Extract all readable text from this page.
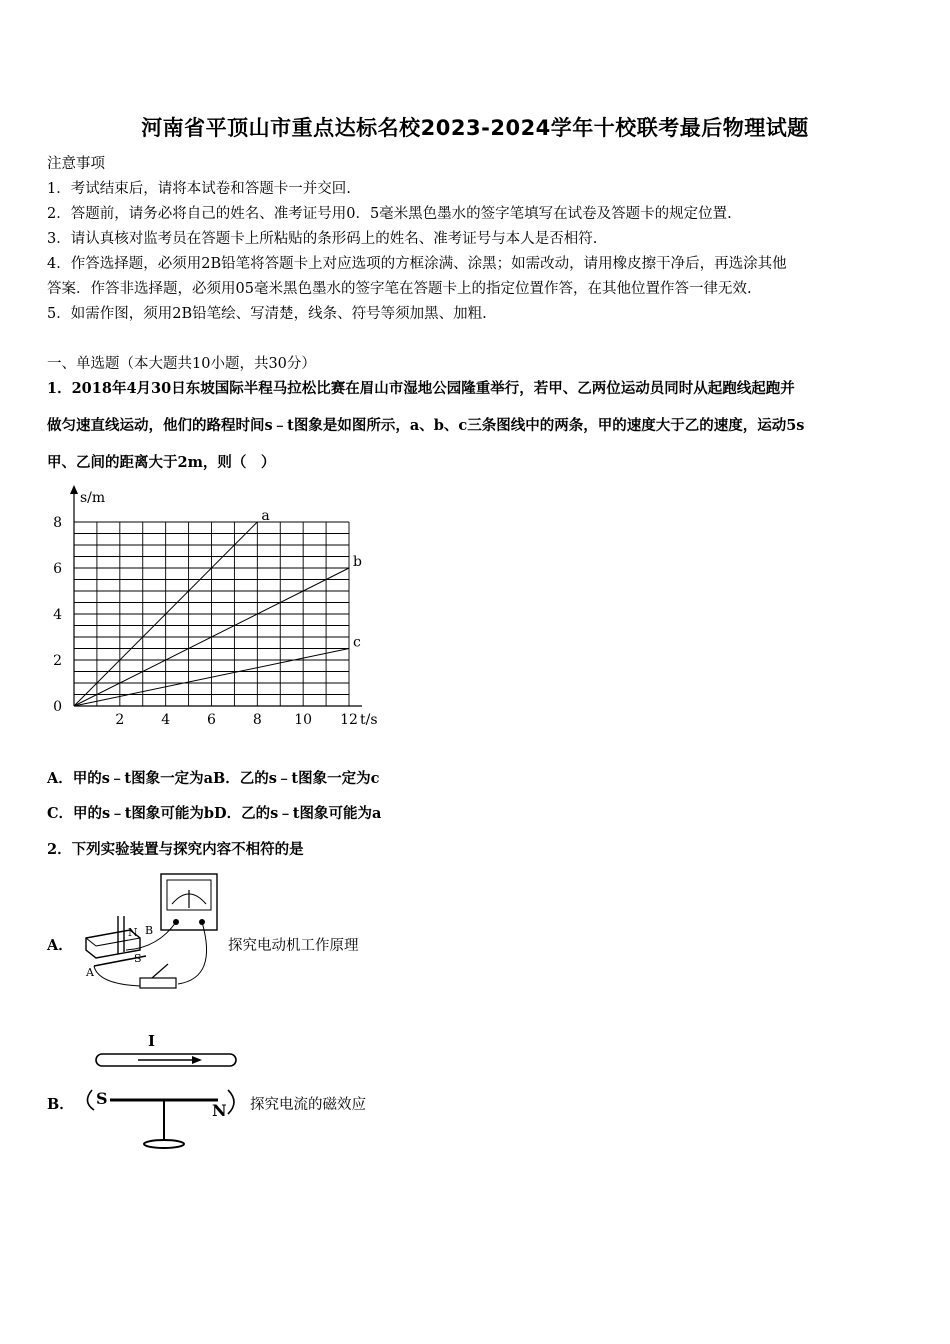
河南省平顶山市重点达标名校2023-2024学年十校联考最后物理试题
注意事项
1．考试结束后，请将本试卷和答题卡一并交回.
2．答题前，请务必将自己的姓名、准考证号用0．5毫米黑色墨水的签字笔填写在试卷及答题卡的规定位置.
3．请认真核对监考员在答题卡上所粘贴的条形码上的姓名、准考证号与本人是否相符.
4．作答选择题，必须用2B铅笔将答题卡上对应选项的方框涂满、涂黑；如需改动，请用橡皮擦干净后，再选涂其他
答案．作答非选择题，必须用05毫米黑色墨水的签字笔在答题卡上的指定位置作答，在其他位置作答一律无效.
5．如需作图，须用2B铅笔绘、写清楚，线条、符号等须加黑、加粗.
一、单选题（本大题共10小题，共30分）
1．2018年4月30日东坡国际半程马拉松比赛在眉山市湿地公园隆重举行，若甲、乙两位运动员同时从起跑线起跑并
做匀速直线运动，他们的路程时间s﹣t图象是如图所示，a、b、c三条图线中的两条，甲的速度大于乙的速度，运动5s
甲、乙间的距离大于2m，则（　）
s/m
t/s
2	4	6	8 10 12
0
2
4
6
8	a
b
c
A．甲的s﹣t图象一定为aB．乙的s﹣t图象一定为c
C．甲的s﹣t图象可能为bD．乙的s﹣t图象可能为a
2．下列实验装置与探究内容不相符的是
A．
N B
A
S
探究电动机工作原理
B．
I
S
N 探究电流的磁效应
